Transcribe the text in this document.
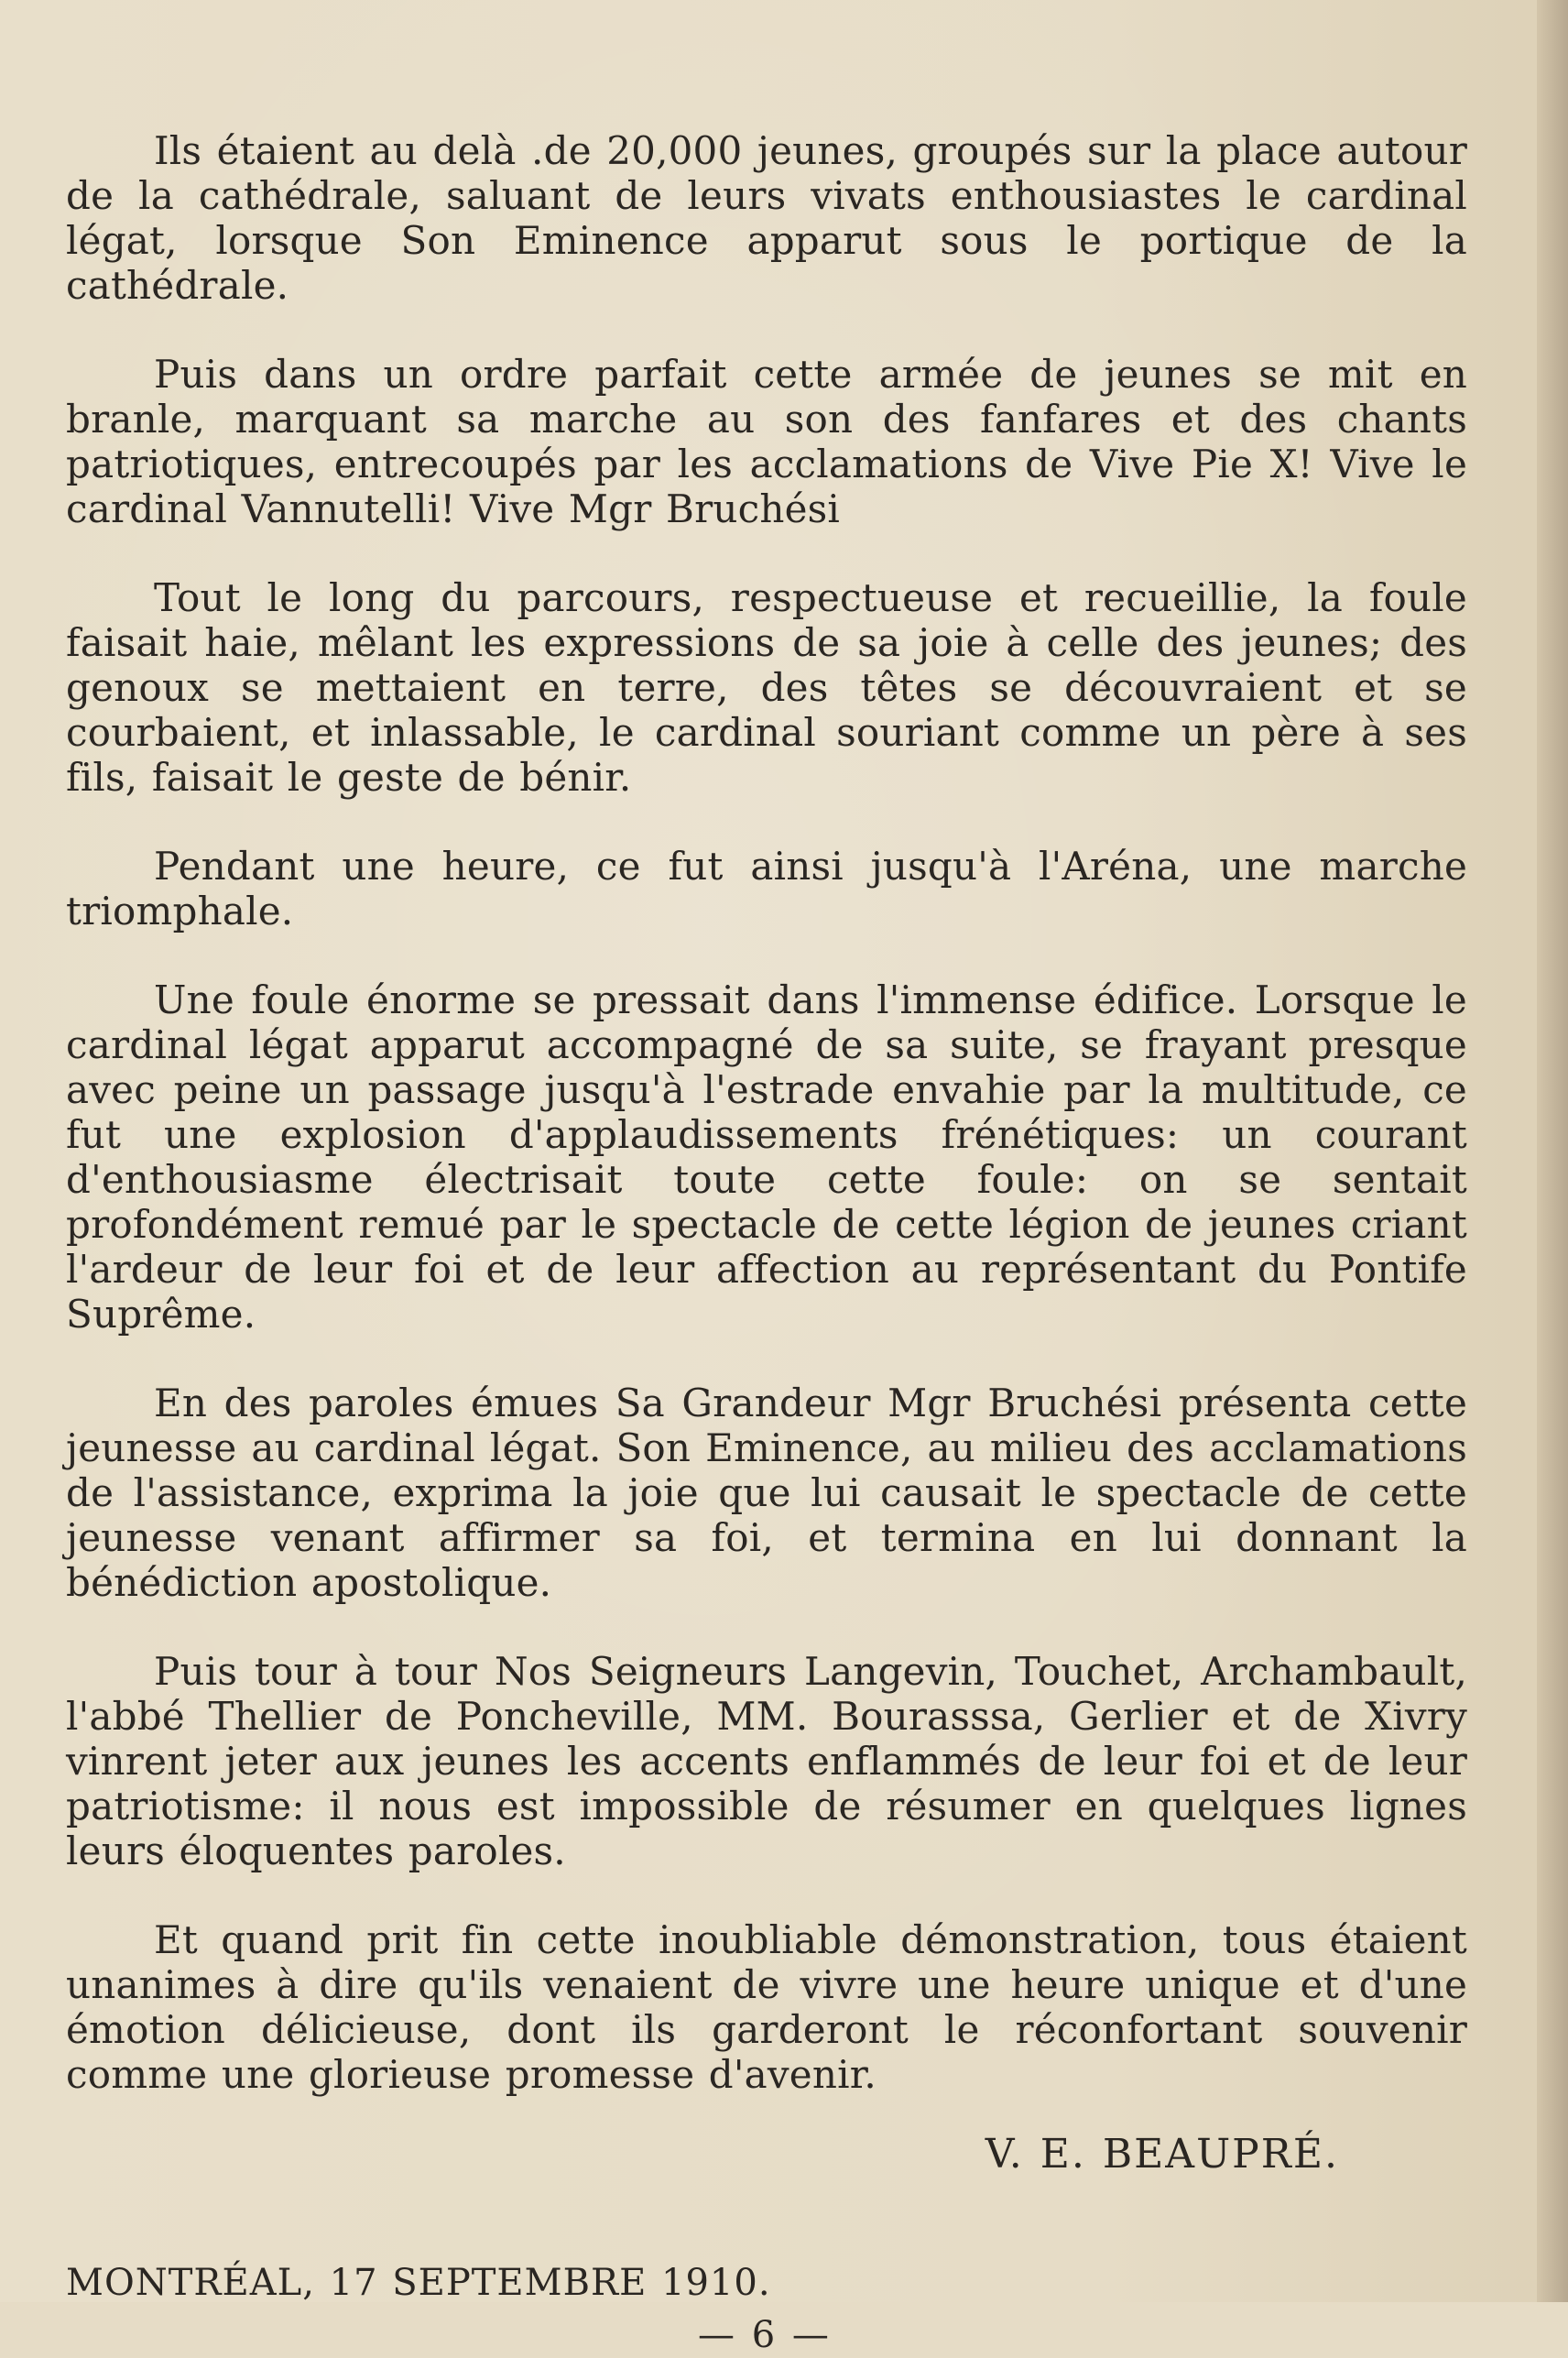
Ils étaient au delà .de 20,000 jeunes, groupés sur la place autour de la cathédrale, saluant de leurs vivats enthousiastes le cardinal légat, lorsque Son Eminence apparut sous le portique de la cathédrale.

Puis dans un ordre parfait cette armée de jeunes se mit en branle, marquant sa marche au son des fanfares et des chants patriotiques, entrecoupés par les acclamations de Vive Pie X! Vive le cardinal Vannutelli! Vive Mgr Bruchési

Tout le long du parcours, respectueuse et recueillie, la foule faisait haie, mêlant les expressions de sa joie à celle des jeunes; des genoux se mettaient en terre, des têtes se découvraient et se courbaient, et inlassable, le cardinal souriant comme un père à ses fils, faisait le geste de bénir.

Pendant une heure, ce fut ainsi jusqu'à l'Aréna, une marche triomphale.

Une foule énorme se pressait dans l'immense édifice. Lorsque le cardinal légat apparut accompagné de sa suite, se frayant presque avec peine un passage jusqu'à l'estrade envahie par la multitude, ce fut une explosion d'applaudissements frénétiques: un courant d'enthousiasme électrisait toute cette foule: on se sentait profondément remué par le spectacle de cette légion de jeunes criant l'ardeur de leur foi et de leur affection au représentant du Pontife Suprême.

En des paroles émues Sa Grandeur Mgr Bruchési présenta cette jeunesse au cardinal légat. Son Eminence, au milieu des acclamations de l'assistance, exprima la joie que lui causait le spectacle de cette jeunesse venant affirmer sa foi, et termina en lui donnant la bénédiction apostolique.

Puis tour à tour Nos Seigneurs Langevin, Touchet, Archambault, l'abbé Thellier de Poncheville, MM. Bourasssa, Gerlier et de Xivry vinrent jeter aux jeunes les accents enflammés de leur foi et de leur patriotisme: il nous est impossible de résumer en quelques lignes leurs éloquentes paroles.

Et quand prit fin cette inoubliable démonstration, tous étaient unanimes à dire qu'ils venaient de vivre une heure unique et d'une émotion délicieuse, dont ils garderont le réconfortant souvenir comme une glorieuse promesse d'avenir.

V. E. BEAUPRÉ.
MONTRÉAL, 17 SEPTEMBRE 1910.
— 6 —
